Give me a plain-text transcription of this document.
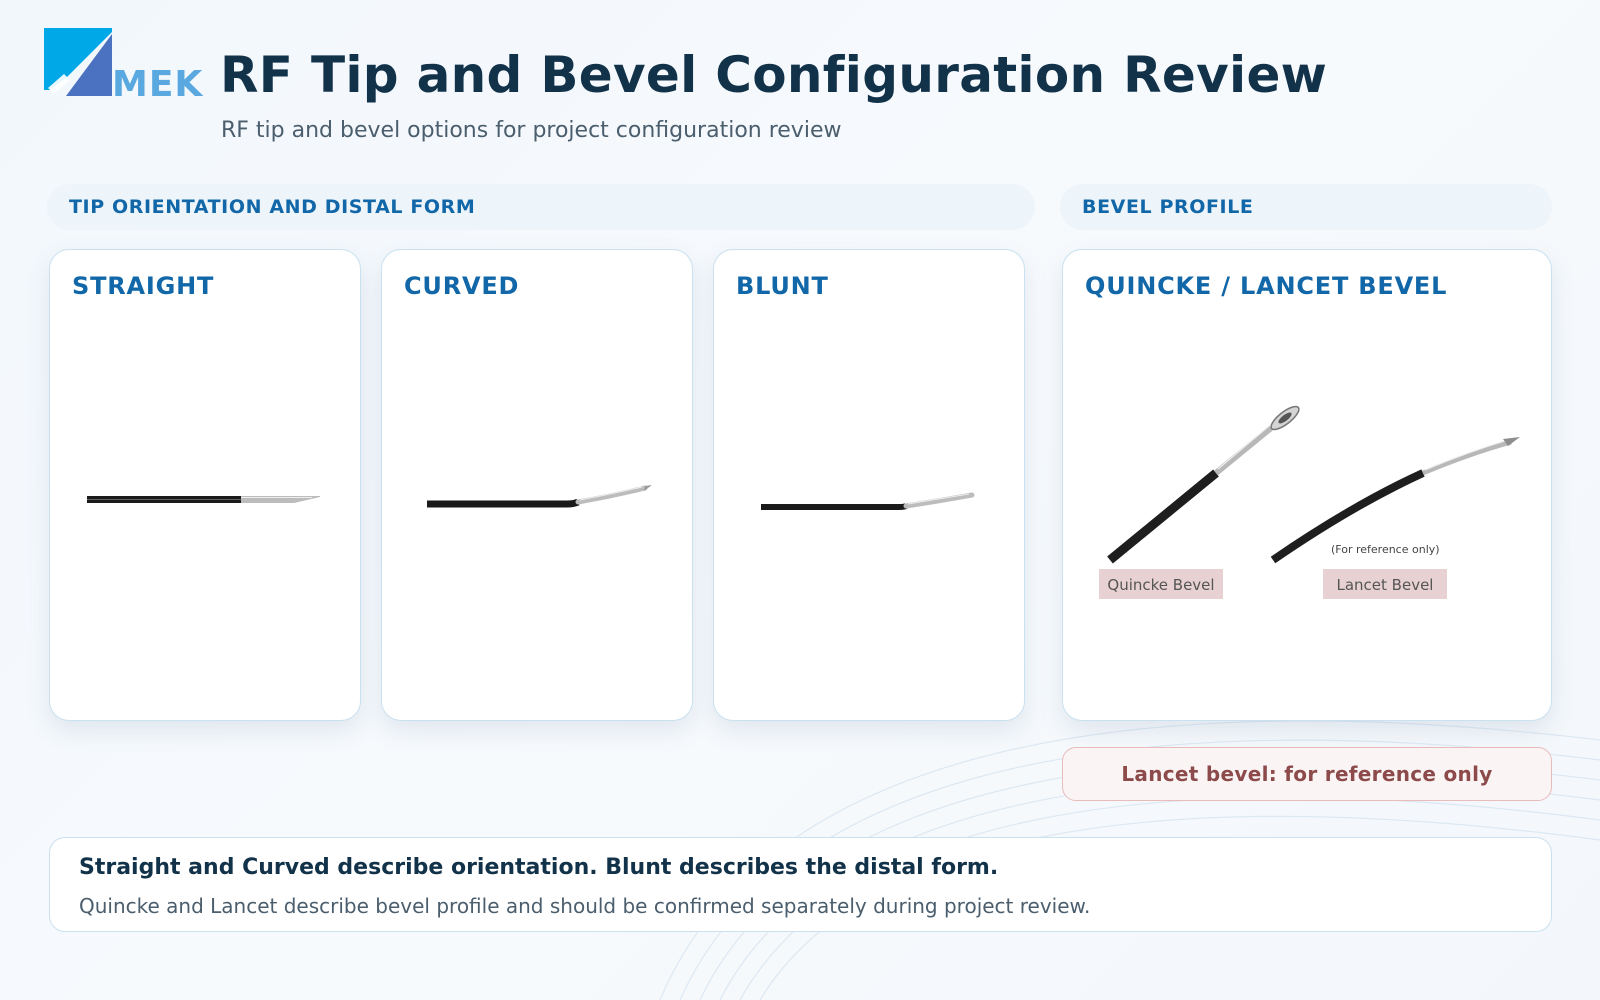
MEK RF Tip and Bevel Configuration Review

RF tip and bevel options for project configuration review

TIP ORIENTATION AND DISTAL FORM	BEVEL PROFILE
STRAIGHT	CURVED	BLUNT	QUINCKE / LANCET BEVEL
(For reference only)
Quincke Bevel	Lancet Bevel
Lancet bevel: for reference only

Straight and Curved describe orientation. Blunt describes the distal form.

Quincke and Lancet describe bevel profile and should be confirmed separately during project review.
